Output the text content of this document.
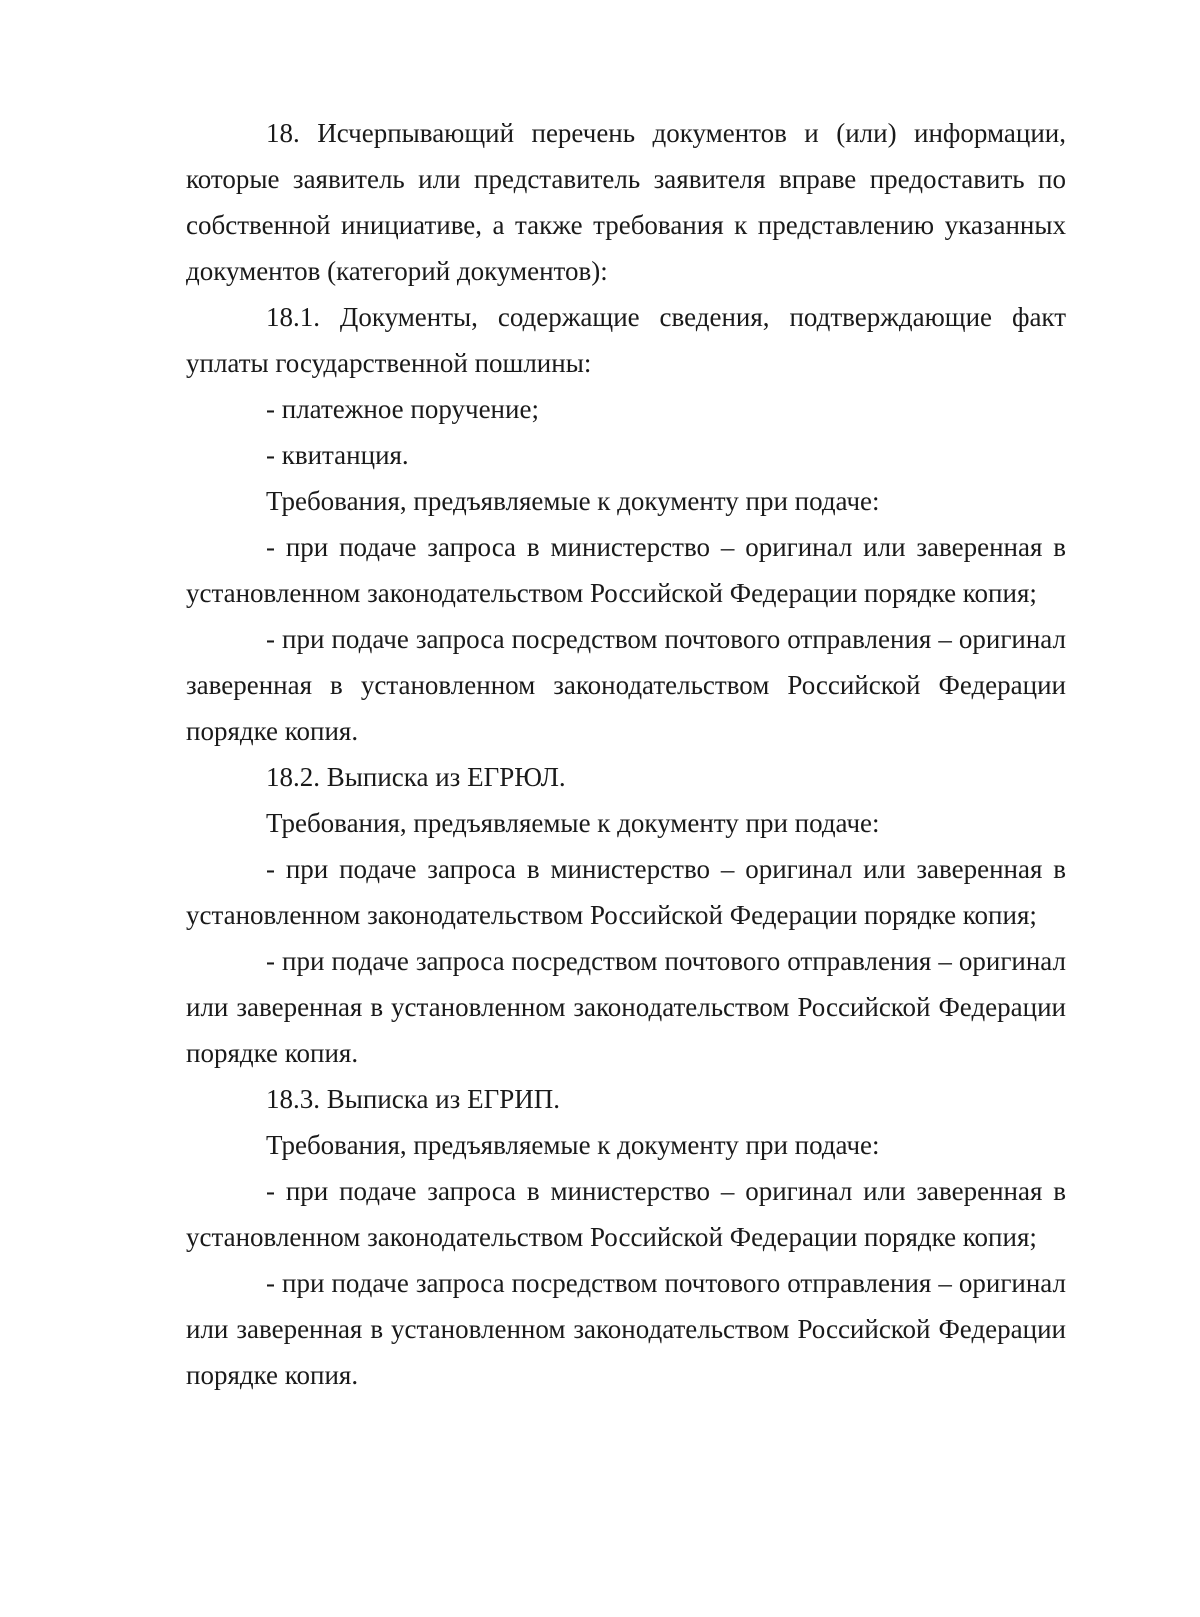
18. Исчерпывающий перечень документов и (или) информации, которые заявитель или представитель заявителя вправе предоставить по собственной инициативе, а также требования к представлению указанных документов (категорий документов):

18.1. Документы, содержащие сведения, подтверждающие факт уплаты государственной пошлины:

- платежное поручение;

- квитанция.

Требования, предъявляемые к документу при подаче:

- при подаче запроса в министерство – оригинал или заверенная в установленном законодательством Российской Федерации порядке копия;

- при подаче запроса посредством почтового отправления – оригинал заверенная в установленном законодательством Российской Федерации порядке копия.

18.2. Выписка из ЕГРЮЛ.

Требования, предъявляемые к документу при подаче:

- при подаче запроса в министерство – оригинал или заверенная в установленном законодательством Российской Федерации порядке копия;

- при подаче запроса посредством почтового отправления – оригинал или заверенная в установленном законодательством Российской Федерации порядке копия.

18.3. Выписка из ЕГРИП.

Требования, предъявляемые к документу при подаче:

- при подаче запроса в министерство – оригинал или заверенная в установленном законодательством Российской Федерации порядке копия;

- при подаче запроса посредством почтового отправления – оригинал или заверенная в установленном законодательством Российской Федерации порядке копия.
